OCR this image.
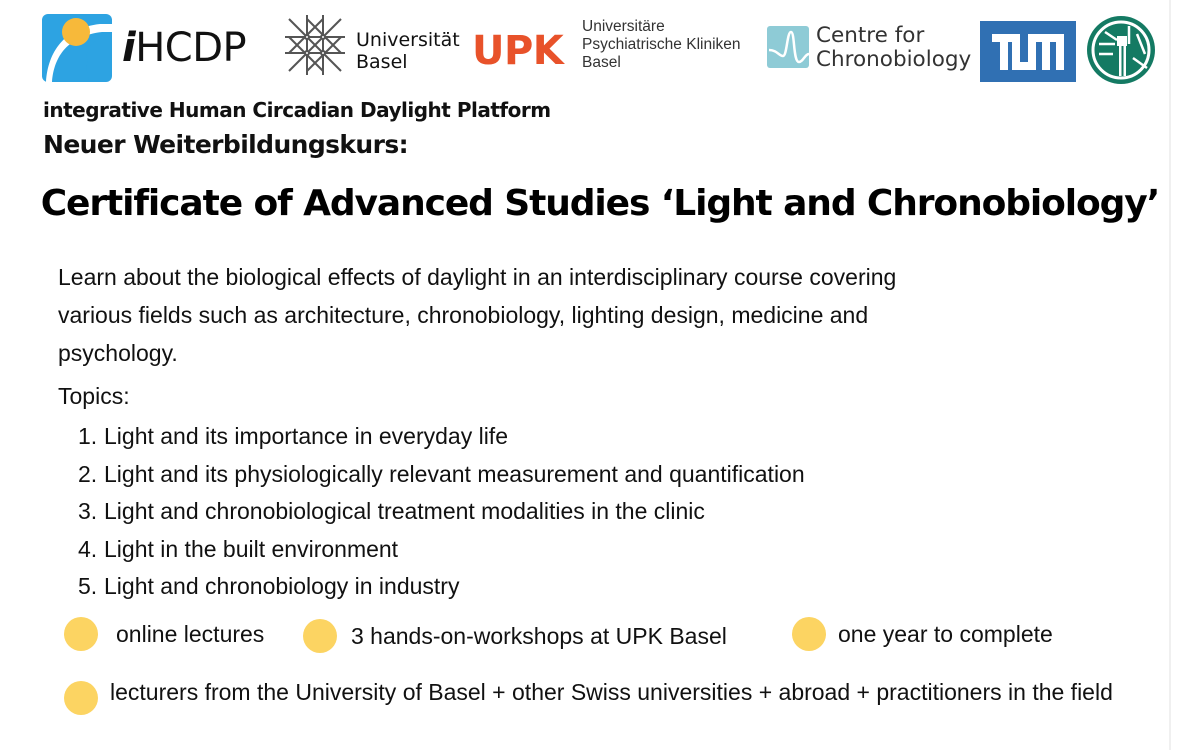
iHCDP	Universität
Basel	UPK
Universitäre
Psychiatrische Kliniken
Basel
Centre for
Chronobiology
integrative Human Circadian Daylight Platform
Neuer Weiterbildungskurs:
Certificate of Advanced Studies ‘Light and Chronobiology’

Learn about the biological effects of daylight in an interdisciplinary course covering various fields such as architecture, chronobiology, lighting design, medicine and psychology.

Topics:
1. Light and its importance in everyday life
2. Light and its physiologically relevant measurement and quantification
3. Light and chronobiological treatment modalities in the clinic
4. Light in the built environment
5. Light and chronobiology in industry
online lectures	3 hands-on-workshops at UPK Basel	one year to complete
lecturers from the University of Basel + other Swiss universities + abroad + practitioners in the field
